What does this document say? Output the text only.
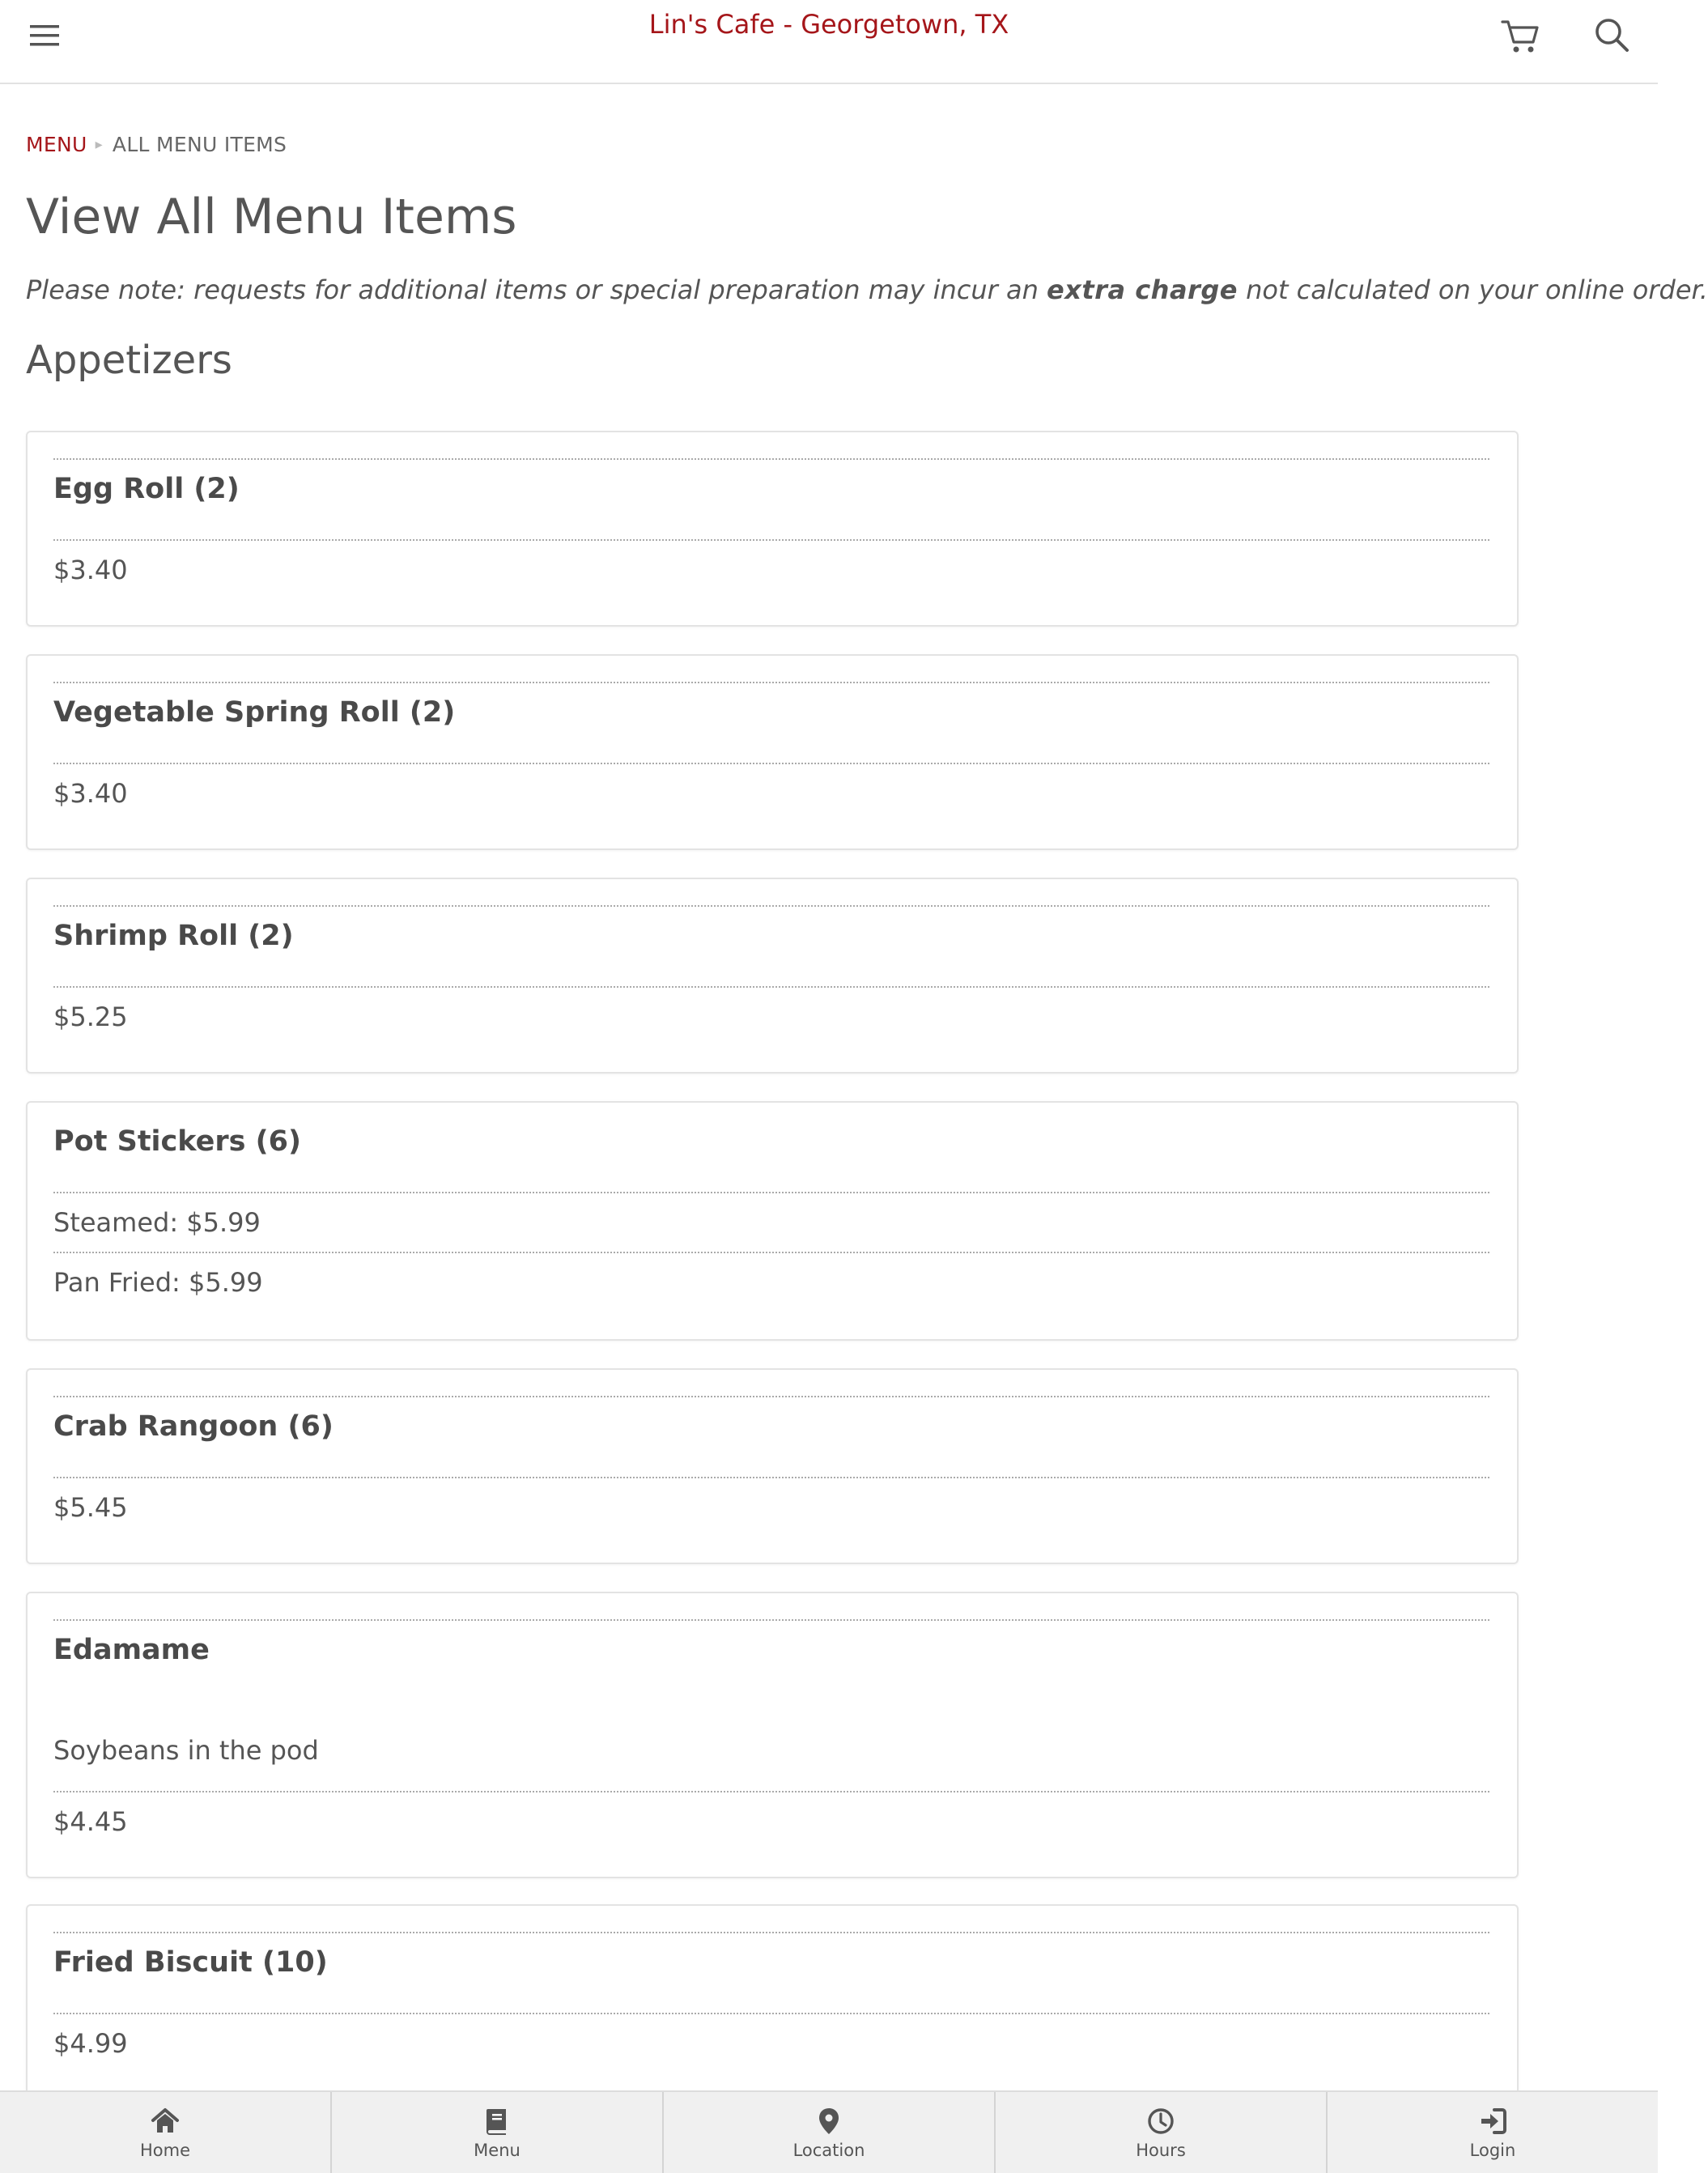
Lin's Cafe - Georgetown, TX
MENU ▸ ALL MENU ITEMS
View All Menu Items
Please note: requests for additional items or special preparation may incur an extra charge not calculated on your online order.
Appetizers
Egg Roll (2)
$3.40
Vegetable Spring Roll (2)
$3.40
Shrimp Roll (2)
$5.25
Pot Stickers (6)
Steamed: $5.99
Pan Fried: $5.99
Crab Rangoon (6)
$5.45
Edamame
Soybeans in the pod
$4.45
Fried Biscuit (10)
$4.99
Home	Menu	Location	Hours	Login
